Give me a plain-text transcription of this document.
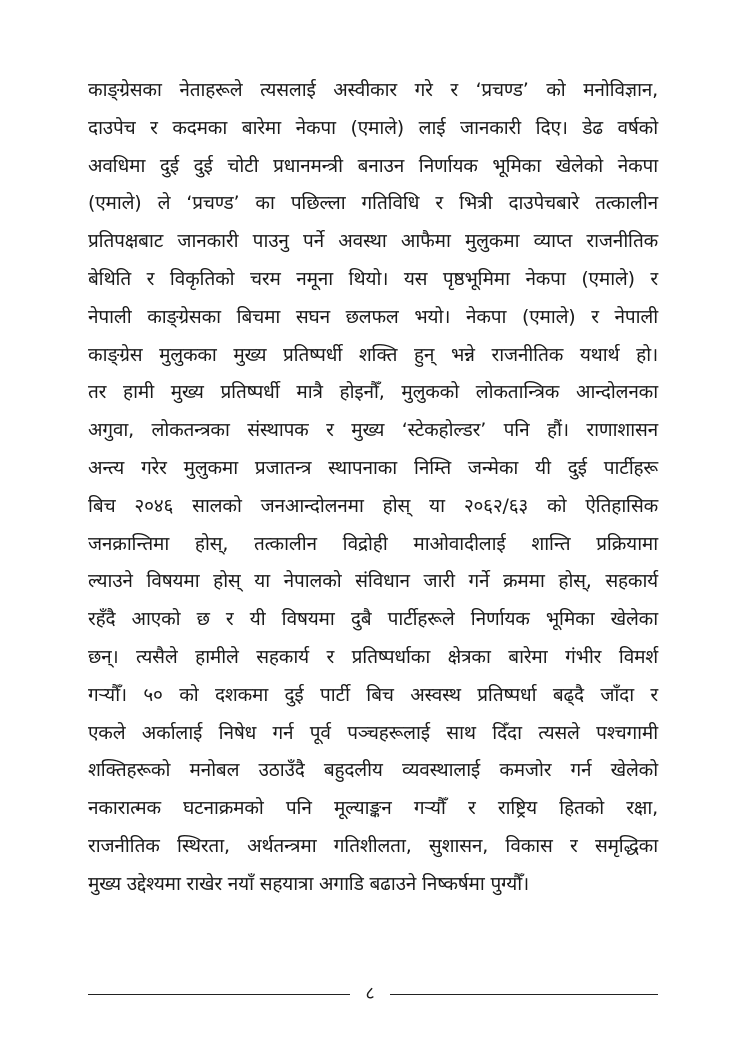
काङ्ग्रेसका नेताहरूले त्यसलाई अस्वीकार गरे र ‘प्रचण्ड’ को मनोविज्ञान,
दाउपेच र कदमका बारेमा नेकपा (एमाले) लाई जानकारी दिए। डेढ वर्षको
अवधिमा दुई दुई चोटी प्रधानमन्त्री बनाउन निर्णायक भूमिका खेलेको नेकपा
(एमाले) ले ‘प्रचण्ड’ का पछिल्ला गतिविधि र भित्री दाउपेचबारे तत्कालीन
प्रतिपक्षबाट जानकारी पाउनु पर्ने अवस्था आफैमा मुलुकमा व्याप्त राजनीतिक
बेथिति र विकृतिको चरम नमूना थियो। यस पृष्ठभूमिमा नेकपा (एमाले) र
नेपाली काङ्ग्रेसका बिचमा सघन छलफल भयो। नेकपा (एमाले) र नेपाली
काङ्ग्रेस मुलुकका मुख्य प्रतिष्पर्धी शक्ति हुन् भन्ने राजनीतिक यथार्थ हो।
तर हामी मुख्य प्रतिष्पर्धी मात्रै होइनौँ, मुलुकको लोकतान्त्रिक आन्दोलनका
अगुवा, लोकतन्त्रका संस्थापक र मुख्य ‘स्टेकहोल्डर’ पनि हौं। राणाशासन
अन्त्य गरेर मुलुकमा प्रजातन्त्र स्थापनाका निम्ति जन्मेका यी दुई पार्टीहरू
बिच २०४६ सालको जनआन्दोलनमा होस् या २०६२/६३ को ऐतिहासिक
जनक्रान्तिमा होस्, तत्कालीन विद्रोही माओवादीलाई शान्ति प्रक्रियामा
ल्याउने विषयमा होस् या नेपालको संविधान जारी गर्ने क्रममा होस्, सहकार्य
रहँदै आएको छ र यी विषयमा दुबै पार्टीहरूले निर्णायक भूमिका खेलेका
छन्। त्यसैले हामीले सहकार्य र प्रतिष्पर्धाका क्षेत्रका बारेमा गंभीर विमर्श
गर्‍यौँ। ५० को दशकमा दुई पार्टी बिच अस्वस्थ प्रतिष्पर्धा बढ्दै जाँदा र
एकले अर्कालाई निषेध गर्न पूर्व पञ्चहरूलाई साथ दिँदा त्यसले पश्चगामी
शक्तिहरूको मनोबल उठाउँदै बहुदलीय व्यवस्थालाई कमजोर गर्न खेलेको
नकारात्मक घटनाक्रमको पनि मूल्याङ्कन गर्‍यौँ र राष्ट्रिय हितको रक्षा,
राजनीतिक स्थिरता, अर्थतन्त्रमा गतिशीलता, सुशासन, विकास र समृद्धिका
मुख्य उद्देश्यमा राखेर नयाँ सहयात्रा अगाडि बढाउने निष्कर्षमा पुग्यौँ।
८
